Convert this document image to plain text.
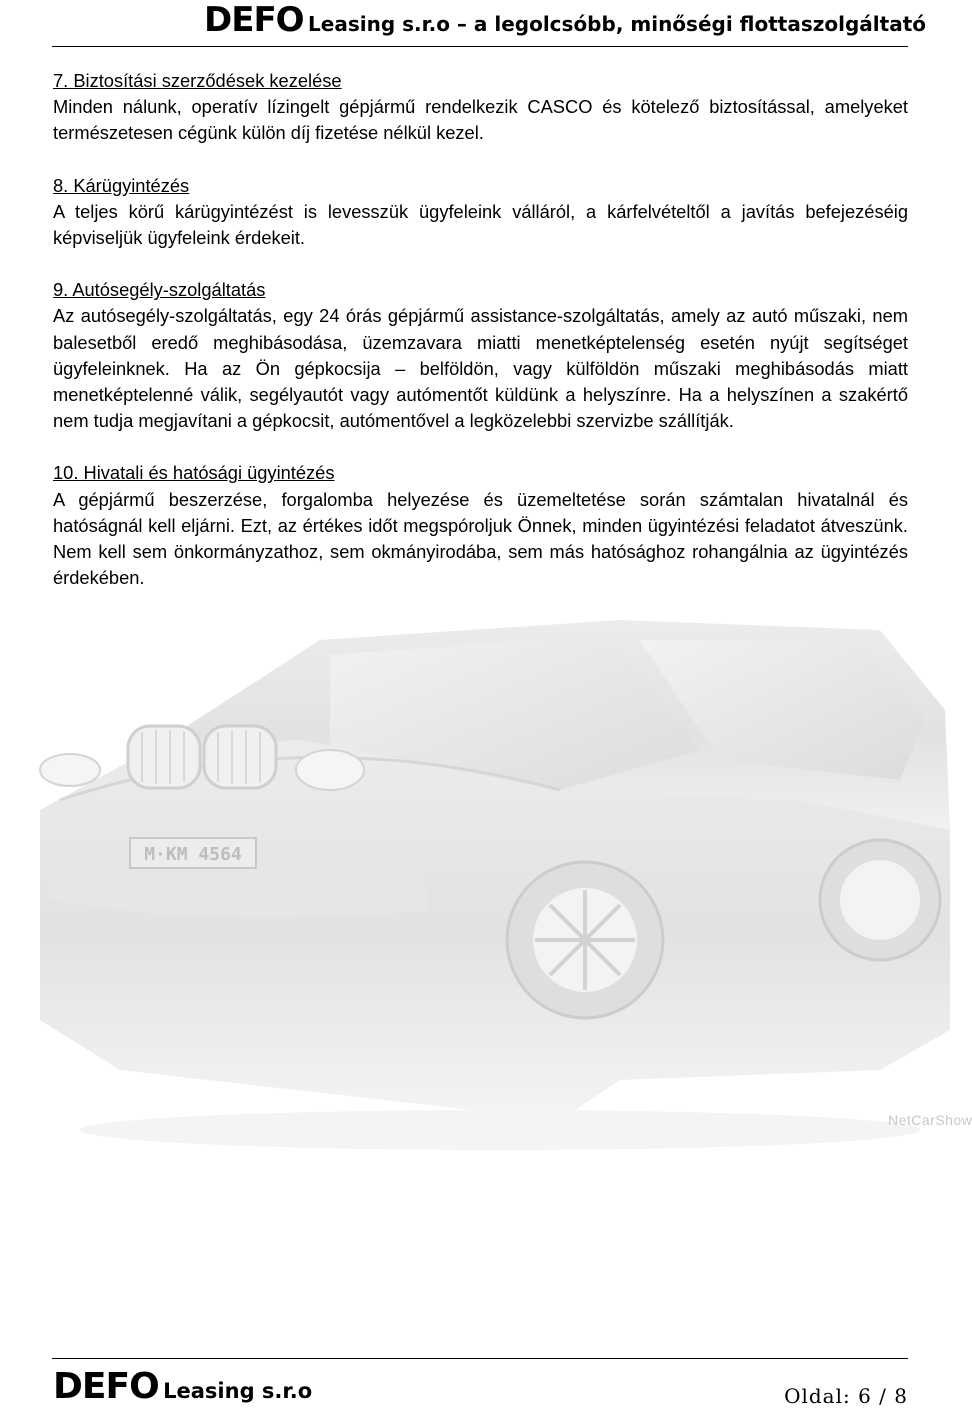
DEFO Leasing s.r.o – a legolcsóbb, minőségi flottaszolgáltató
M·KM 4564
NetCarShow
7. Biztosítási szerződések kezelése

Minden nálunk, operatív lízingelt gépjármű rendelkezik CASCO és kötelező biztosítással, amelyeket természetesen cégünk külön díj fizetése nélkül kezel.

8. Kárügyintézés

A teljes körű kárügyintézést is levesszük ügyfeleink válláról, a kárfelvételtől a javítás befejezéséig képviseljük ügyfeleink érdekeit.

9. Autósegély-szolgáltatás

Az autósegély-szolgáltatás, egy 24 órás gépjármű assistance-szolgáltatás, amely az autó műszaki, nem balesetből eredő meghibásodása, üzemzavara miatti menetképtelenség esetén nyújt segítséget ügyfeleinknek. Ha az Ön gépkocsija – belföldön, vagy külföldön műszaki meghibásodás miatt menetképtelenné válik, segélyautót vagy autómentőt küldünk a helyszínre. Ha a helyszínen a szakértő nem tudja megjavítani a gépkocsit, autómentővel a legközelebbi szervizbe szállítják.

10. Hivatali és hatósági ügyintézés

A gépjármű beszerzése, forgalomba helyezése és üzemeltetése során számtalan hivatalnál és hatóságnál kell eljárni. Ezt, az értékes időt megspóroljuk Önnek, minden ügyintézési feladatot átveszünk. Nem kell sem önkormányzathoz, sem okmányirodába, sem más hatósághoz rohangálnia az ügyintézés érdekében.

DEFO Leasing s.r.o	Oldal: 6 / 8
